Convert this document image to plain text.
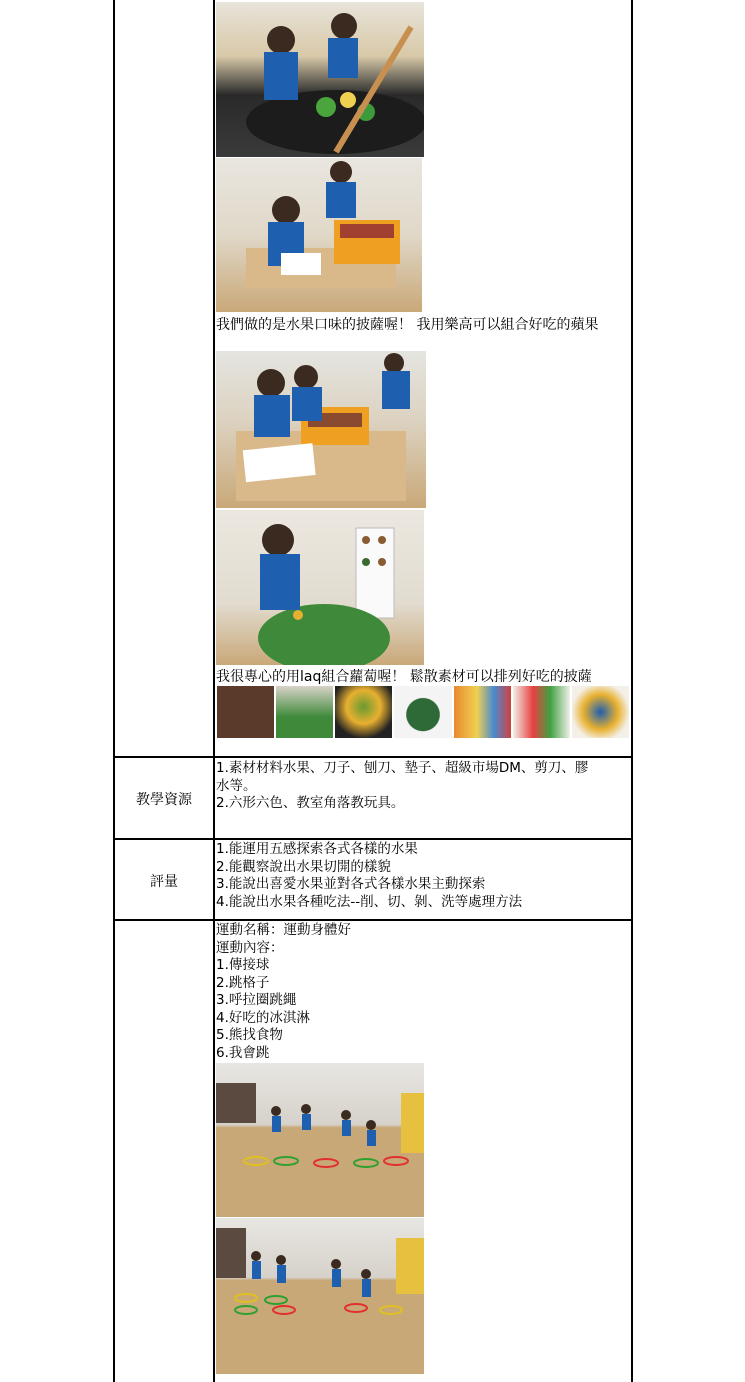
我們做的是水果口味的披薩喔！ 我用樂高可以組合好吃的蘋果
我很專心的用laq組合蘿蔔喔！ 鬆散素材可以排列好吃的披薩
教學資源
1.素材材料水果、刀子、刨刀、墊子、超級市場DM、剪刀、膠
水等。
2.六形六色、教室角落教玩具。
評量
1.能運用五感探索各式各樣的水果
2.能觀察說出水果切開的樣貌
3.能說出喜愛水果並對各式各樣水果主動探索
4.能說出水果各種吃法--削、切、剝、洗等處理方法
運動名稱：運動身體好
運動內容：
1.傳接球
2.跳格子
3.呼拉圈跳繩
4.好吃的冰淇淋
5.熊找食物
6.我會跳
